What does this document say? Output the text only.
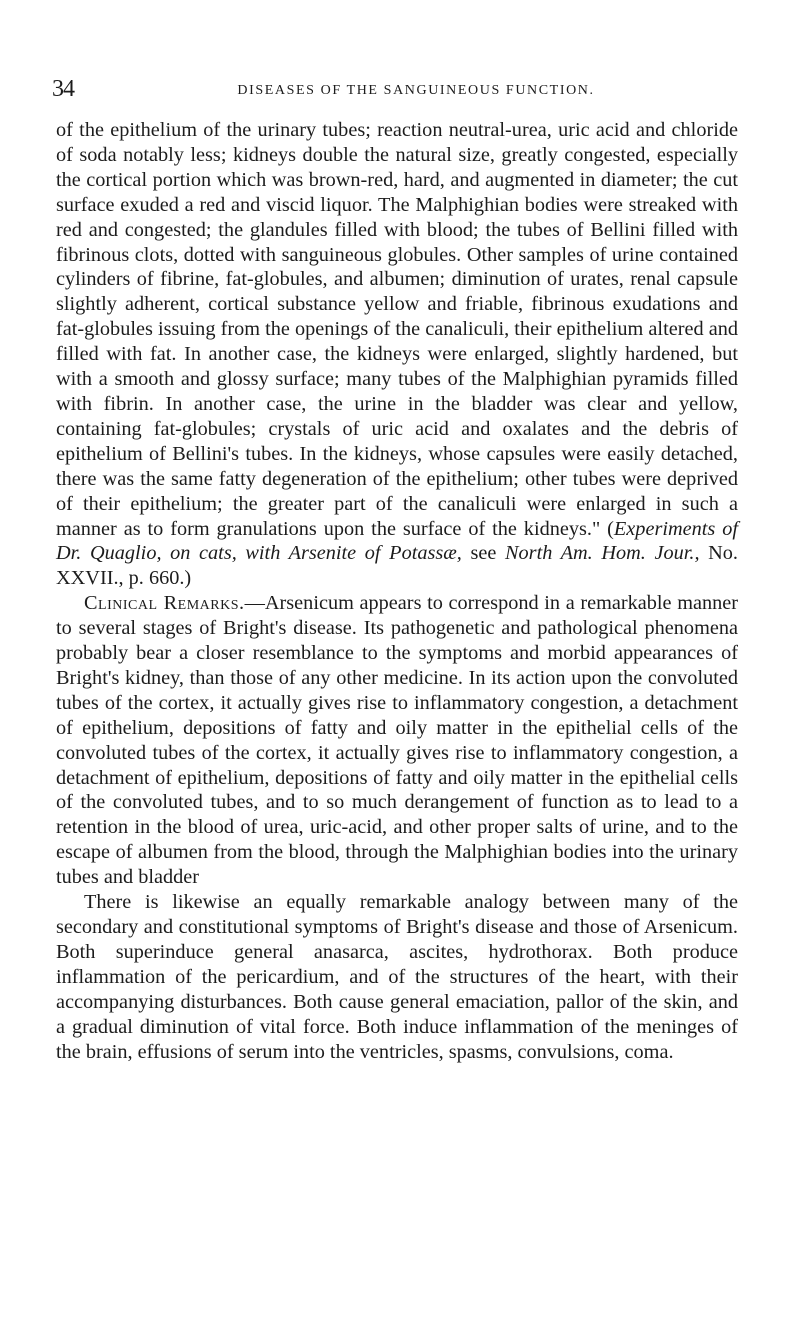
34	DISEASES OF THE SANGUINEOUS FUNCTION.

of the epithelium of the urinary tubes; reaction neutral-urea, uric acid and chloride of soda notably less; kidneys double the natural size, greatly congested, especially the cortical portion which was brown-red, hard, and augmented in diameter; the cut surface exuded a red and viscid liquor. The Malphighian bodies were streaked with red and congested; the glandules filled with blood; the tubes of Bellini filled with fibrinous clots, dotted with sanguineous globules. Other samples of urine contained cylinders of fibrine, fat-globules, and albumen; diminution of urates, renal capsule slightly adherent, cortical substance yellow and friable, fibrinous exudations and fat-globules issuing from the openings of the canaliculi, their epithelium altered and filled with fat. In another case, the kidneys were enlarged, slightly hardened, but with a smooth and glossy surface; many tubes of the Malphighian pyramids filled with fibrin. In another case, the urine in the bladder was clear and yellow, containing fat-globules; crystals of uric acid and oxalates and the debris of epithelium of Bellini's tubes. In the kidneys, whose capsules were easily detached, there was the same fatty degeneration of the epithelium; other tubes were deprived of their epithelium; the greater part of the canaliculi were enlarged in such a manner as to form granulations upon the surface of the kidneys." (Experiments of Dr. Quaglio, on cats, with Arsenite of Potassæ, see North Am. Hom. Jour., No. XXVII., p. 660.)

Clinical Remarks.—Arsenicum appears to correspond in a remarkable manner to several stages of Bright's disease. Its pathogenetic and pathological phenomena probably bear a closer resemblance to the symptoms and morbid appearances of Bright's kidney, than those of any other medicine. In its action upon the convoluted tubes of the cortex, it actually gives rise to inflammatory congestion, a detachment of epithelium, depositions of fatty and oily matter in the epithelial cells of the convoluted tubes of the cortex, it actually gives rise to inflammatory congestion, a detachment of epithelium, depositions of fatty and oily matter in the epithelial cells of the convoluted tubes, and to so much derangement of function as to lead to a retention in the blood of urea, uric-acid, and other proper salts of urine, and to the escape of albumen from the blood, through the Malphighian bodies into the urinary tubes and bladder

There is likewise an equally remarkable analogy between many of the secondary and constitutional symptoms of Bright's disease and those of Arsenicum. Both superinduce general anasarca, ascites, hydrothorax. Both produce inflammation of the pericardium, and of the structures of the heart, with their accompanying disturbances. Both cause general emaciation, pallor of the skin, and a gradual diminution of vital force. Both induce inflammation of the meninges of the brain, effusions of serum into the ventricles, spasms, convulsions, coma.
